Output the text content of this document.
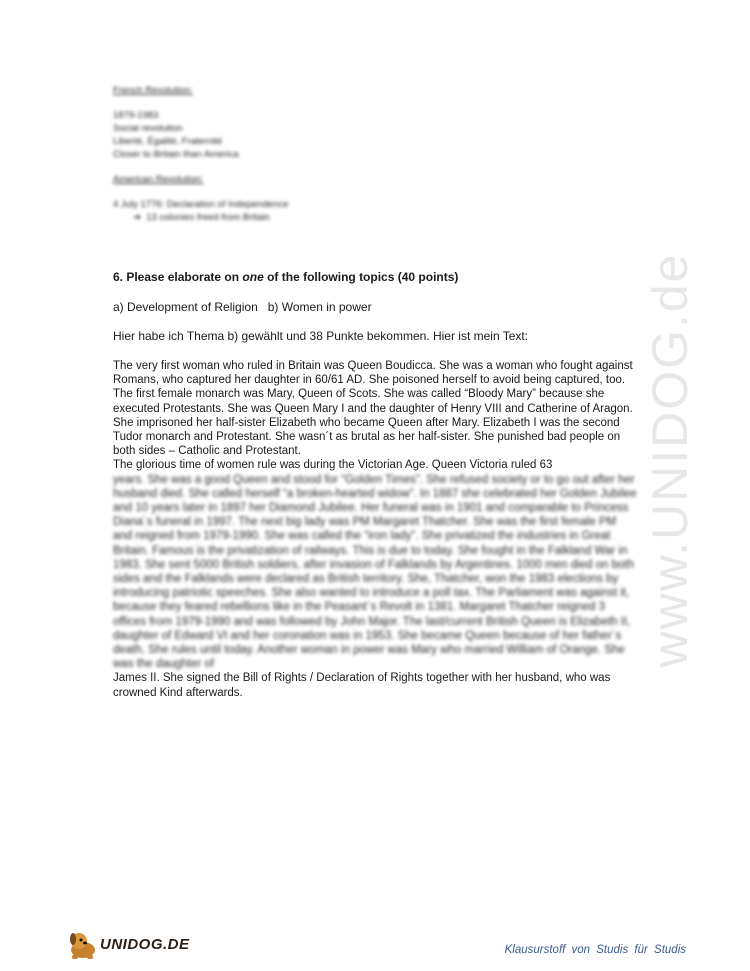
French Revolution:

1879-1983

Social revolution

Liberté, Égalité, Fraternité

Closer to Britain than America

American Revolution:

4 July 1776: Declaration of Independence

➔ 13 colonies freed from Britain

6. Please elaborate on one of the following topics (40 points)
a) Development of Religion   b) Women in power
Hier habe ich Thema b) gewählt und 38 Punkte bekommen. Hier ist mein Text:

The very first woman who ruled in Britain was Queen Boudicca. She was a woman who fought against Romans, who captured her daughter in 60/61 AD. She poisoned herself to avoid being captured, too.

The first female monarch was Mary, Queen of Scots. She was called “Bloody Mary” because she executed Protestants. She was Queen Mary I and the daughter of Henry VIII and Catherine of Aragon. She imprisoned her half-sister Elizabeth who became Queen after Mary. Elizabeth I was the second Tudor monarch and Protestant. She wasn´t as brutal as her half-sister. She punished bad people on both sides – Catholic and Protestant.

The glorious time of women rule was during the Victorian Age. Queen Victoria ruled 63

years. She was a good Queen and stood for “Golden Times”. She refused society or to go out after her husband died. She called herself “a broken-hearted widow”. In 1887 she celebrated her Golden Jubilee and 10 years later in 1897 her Diamond Jubilee. Her funeral was in 1901 and comparable to Princess Diana´s funeral in 1997. The next big lady was PM Margaret Thatcher. She was the first female PM and reigned from 1979-1990. She was called the “iron lady”. She privatized the industries in Great Britain. Famous is the privatization of railways. This is due to today. She fought in the Falkland War in 1983. She sent 5000 British soldiers, after invasion of Falklands by Argentines. 1000 men died on both sides and the Falklands were declared as British territory. She, Thatcher, won the 1983 elections by introducing patriotic speeches. She also wanted to introduce a poll tax. The Parliament was against it, because they feared rebellions like in the Peasant´s Revolt in 1381. Margaret Thatcher reigned 3 offices from 1979-1990 and was followed by John Major. The last/current British Queen is Elizabeth II, daughter of Edward VI and her coronation was in 1953. She became Queen because of her father´s death. She rules until today. Another woman in power was Mary who married William of Orange. She was the daughter of

James II. She signed the Bill of Rights / Declaration of Rights together with her husband, who was crowned Kind afterwards.

www.UNIDOG.de
UNIDOG.DE	Klausurstoff von Studis für Studis
